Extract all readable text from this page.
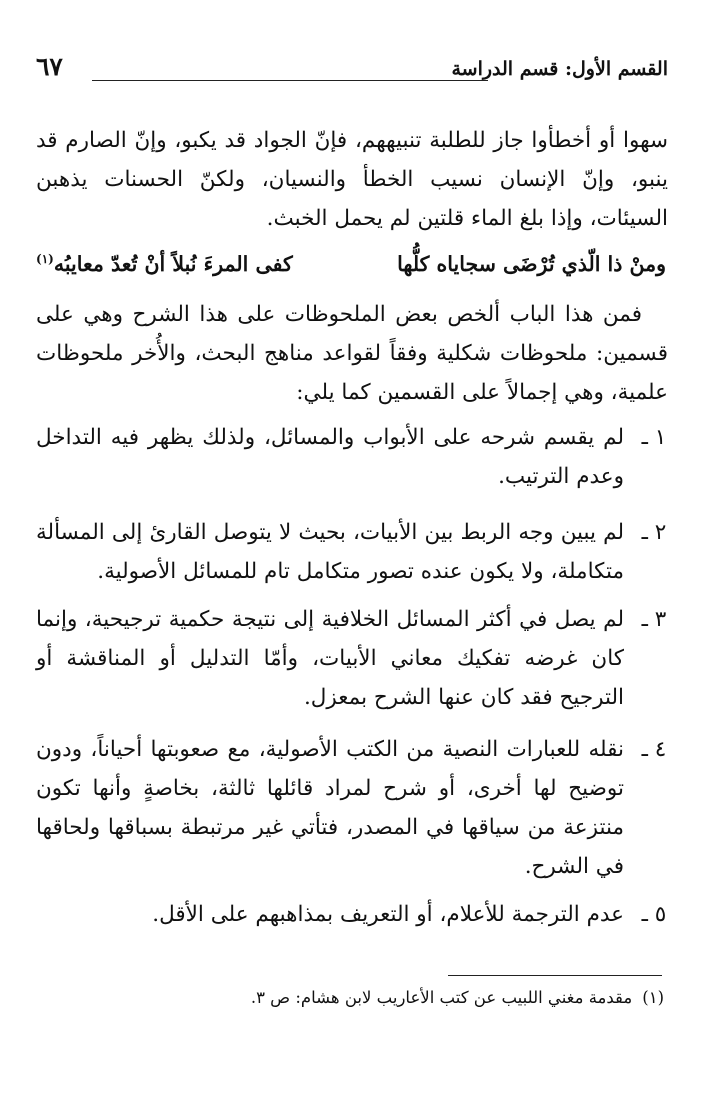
القسم الأول: قسم الدراسة
٦٧
سهوا أو أخطأوا جاز للطلبة تنبيههم، فإنّ الجواد قد يكبو، وإنّ الصارم قد ينبو، وإنّ الإنسان نسيب الخطأ والنسيان، ولكنّ الحسنات يذهبن السيئات، وإذا بلغ الماء قلتين لم يحمل الخبث.
ومنْ ذا الّذي تُرْضَى سجاياه كلُّها
كفى المرءَ نُبلاً أنْ تُعدّ معايبُه$^{(١)}$
فمن هذا الباب ألخص بعض الملحوظات على هذا الشرح وهي على قسمين: ملحوظات شكلية وفقاً لقواعد مناهج البحث، والأُخر ملحوظات علمية، وهي إجمالاً على القسمين كما يلي:
١ ـ
لم يقسم شرحه على الأبواب والمسائل، ولذلك يظهر فيه التداخل وعدم الترتيب.
٢ ـ
لم يبين وجه الربط بين الأبيات، بحيث لا يتوصل القارئ إلى المسألة متكاملة، ولا يكون عنده تصور متكامل تام للمسائل الأصولية.
٣ ـ
لم يصل في أكثر المسائل الخلافية إلى نتيجة حكمية ترجيحية، وإنما كان غرضه تفكيك معاني الأبيات، وأمّا التدليل أو المناقشة أو الترجيح فقد كان عنها الشرح بمعزل.
٤ ـ
نقله للعبارات النصية من الكتب الأصولية، مع صعوبتها أحياناً، ودون توضيح لها أخرى، أو شرح لمراد قائلها ثالثة، بخاصةٍ وأنها تكون منتزعة من سياقها في المصدر، فتأتي غير مرتبطة بسباقها ولحاقها في الشرح.
٥ ـ
عدم الترجمة للأعلام، أو التعريف بمذاهبهم على الأقل.
(١)مقدمة مغني اللبيب عن كتب الأعاريب لابن هشام: ص ٣.
